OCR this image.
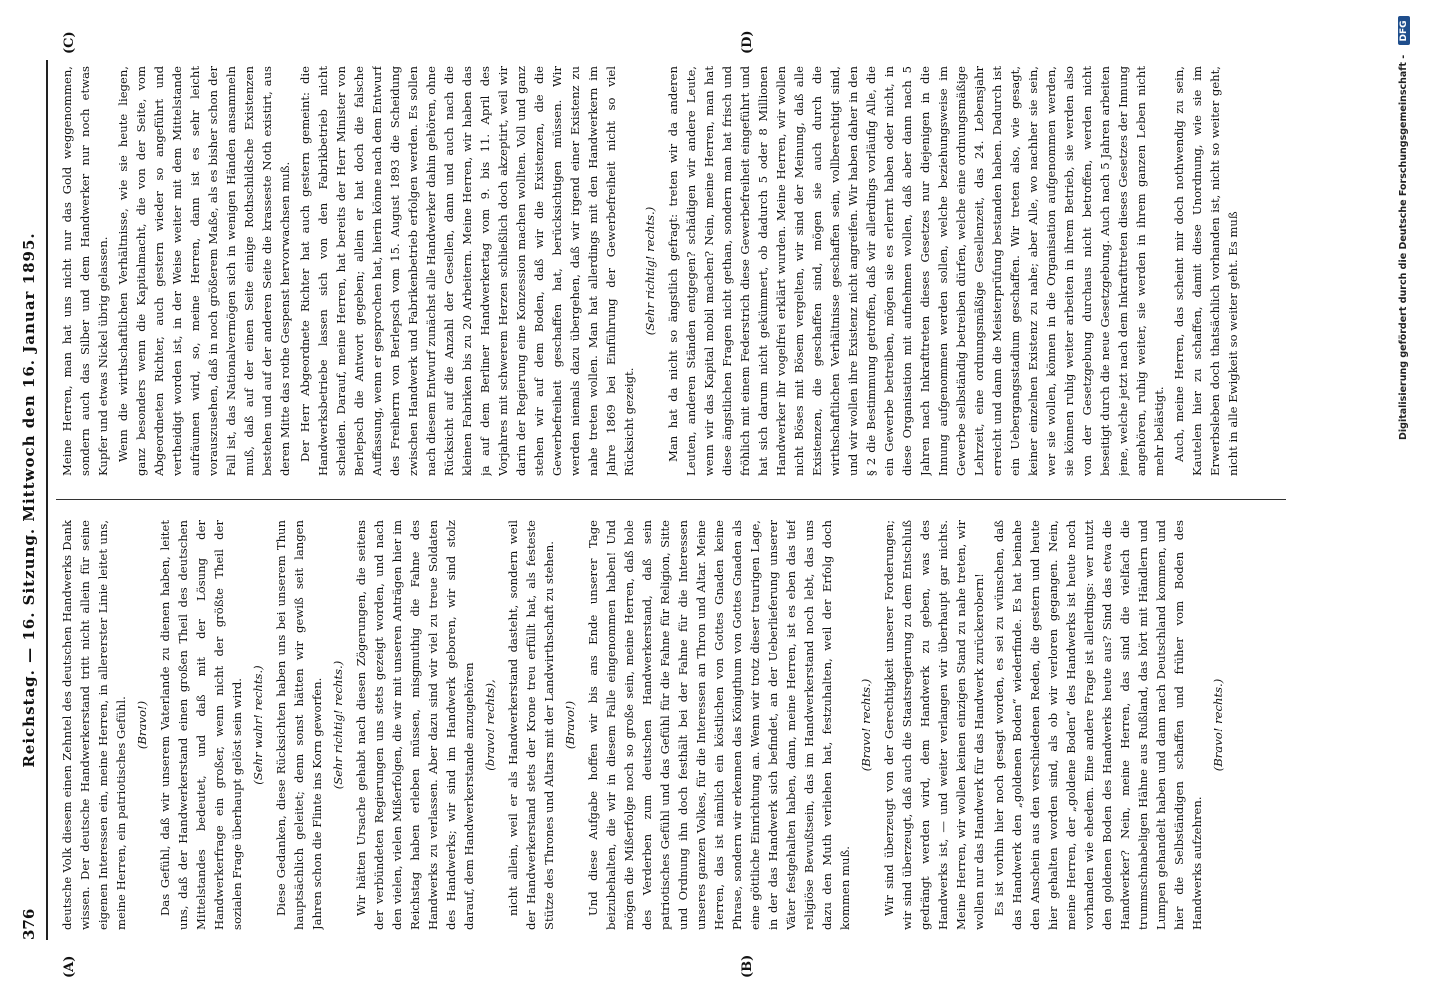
376
Reichstag. — 16. Sitzung. Mittwoch den 16. Januar 1895.
(A)	(B)
(C)	(D)

deutsche Volk diesem einen Zehntel des deutschen Handwerks Dank wissen. Der deutsche Handwerkerstand tritt nicht allein für seine eigenen Interessen ein, meine Herren, in allererster Linie leitet uns, meine Herren, ein patriotisches Gefühl. (Bravo!) Das Gefühl, daß wir unserem Vaterlande zu dienen haben, leitet uns, daß der Handwerkerstand einen großen Theil des deutschen Mittelstandes bedeutet, und daß mit der Lösung der Handwerkerfrage ein großer, wenn nicht der größte Theil der sozialen Frage überhaupt gelöst sein wird. (Sehr wahr! rechts.) Diese Gedanken, diese Rücksichten haben uns bei unserem Thun hauptsächlich geleitet; denn sonst hätten wir gewiß seit langen Jahren schon die Flinte ins Korn geworfen. (Sehr richtig! rechts.) Wir hätten Ursache gehabt nach diesen Zögerungen, die seitens der verbündeten Regierungen uns stets gezeigt worden, und nach den vielen, vielen Mißerfolgen, die wir mit unseren Anträgen hier im Reichstag haben erleben müssen, misgmuthig die Fahne des Handwerks zu verlassen. Aber dazu sind wir viel zu treue Soldaten des Handwerks; wir sind im Handwerk geboren, wir sind stolz darauf, dem Handwerkerstande anzugehören (bravo! rechts), nicht allein, weil er als Handwerkerstand dasteht, sondern weil der Handwerkerstand stets der Krone treu erfüllt hat, als festeste Stütze des Thrones und Altars mit der Landwirthschaft zu stehen. (Bravo!) Und diese Aufgabe hoffen wir bis ans Ende unserer Tage beizubehalten, die wir in diesem Falle eingenommen haben! Und mögen die Mißerfolge noch so große sein, meine Herren, daß hole des Verderben zum deutschen Handwerkerstand, daß sein patriotisches Gefühl und das Gefühl für die Fahne für Religion, Sitte und Ordnung ihn doch festhält bei der Fahne für die Interessen unseres ganzen Volkes, für die Interessen an Thron und Altar. Meine Herren, das ist nämlich ein köstlichen von Gottes Gnaden keine Phrase, sondern wir erkennen das Königthum von Gottes Gnaden als eine göttliche Einrichtung an. Wenn wir trotz dieser traurigen Lage, in der das Handwerk sich befindet, an der Ueberlieferung unserer Väter festgehalten haben, dann, meine Herren, ist es eben das tief religiöse Bewußtsein, das im Handwerkerstand noch lebt, das uns dazu den Muth verliehen hat, festzuhalten, weil der Erfolg doch kommen muß.

(Bravo! rechts.) Wir sind überzeugt von der Gerechtigkeit unserer Forderungen; wir sind überzeugt, daß auch die Staatsregierung zu dem Entschluß gedrängt werden wird, dem Handwerk zu geben, was des Handwerks ist, — und weiter verlangen wir überhaupt gar nichts. Meine Herren, wir wollen keinen einzigen Stand zu nahe treten, wir wollen nur das Handwerk für das Handwerk zurückerobern! Es ist vorhin hier noch gesagt worden, es sei zu wünschen, daß das Handwerk den „goldenen Boden“ wiederfinde. Es hat beinahe den Anschein aus den verschiedenen Reden, die gestern und heute hier gehalten worden sind, als ob wir verloren gegangen. Nein, meine Herren, der „goldene Boden“ des Handwerks ist heute noch vorhanden wie ehedem. Eine andere Frage ist allerdings: wer nutzt den goldenen Boden des Handwerks heute aus? Sind das etwa die Handwerker? Nein, meine Herren, das sind die vielfach die trummschnabeligen Hähne aus Rußland, das hört mit Händlern und Lumpen gehandelt haben und dann nach Deutschland kommen, und hier die Selbständigen schaffen und früher vom Boden des Handwerks aufzehren.

(Bravo! rechts.)

Meine Herren, man hat uns nicht nur das Gold weggenommen, sondern auch das Silber und dem Handwerker nur noch etwas Kupfer und etwas Nickel übrig gelassen. Wenn die wirthschaftlichen Verhältnisse, wie sie heute liegen, ganz besonders wenn die Kapitalmacht, die von der Seite, vom Abgeordneten Richter, auch gestern wieder so angeführt und vertheidigt worden ist, in der Weise weiter mit dem Mittelstande aufräumen wird, so, meine Herren, dann ist es sehr leicht vorauszusehen, daß in noch größerem Maße, als es bisher schon der Fall ist, das Nationalvermögen sich in wenigen Händen ansammeln muß, daß auf der einen Seite einige Rothschildsche Existenzen bestehen und auf der anderen Seite die krasseste Noth existirt, aus deren Mitte das rothe Gespenst hervorwachsen muß. Der Herr Abgeordnete Richter hat auch gestern gemeint: die Handwerksbetriebe lassen sich von den Fabrikbetrieb nicht scheiden. Darauf, meine Herren, hat bereits der Herr Minister von Berlepsch die Antwort gegeben; allein er hat doch die falsche Auffassung, wenn er gesprochen hat, hierin könne nach dem Entwurf des Freiherrn von Berlepsch vom 15. August 1893 die Scheidung zwischen Handwerk und Fabrikenbetrieb erfolgen werden. Es sollen nach diesem Entwurf zunächst alle Handwerker dahin gehören, ohne Rücksicht auf die Anzahl der Gesellen, dann und auch nach die kleinen Fabriken bis zu 20 Arbeitern. Meine Herren, wir haben das ja auf dem Berliner Handwerkertag vom 9. bis 11. April des Vorjahres mit schwerem Herzen schließlich doch akzeptirt, weil wir darin der Regierung eine Konzession machen wollten. Voll und ganz stehen wir auf dem Boden, daß wir die Existenzen, die die Gewerbefreiheit geschaffen hat, berücksichtigen müssen. Wir werden niemals dazu übergehen, daß wir irgend einer Existenz zu nahe treten wollen. Man hat allerdings mit den Handwerkern im Jahre 1869 bei Einführung der Gewerbefreiheit nicht so viel Rücksicht gezeigt.

(Sehr richtig! rechts.) Man hat da nicht so ängstlich gefragt: treten wir da anderen Leuten, anderen Ständen entgegen? schädigen wir andere Leute, wenn wir das Kapital mobil machen? Nein, meine Herren, man hat diese ängstlichen Fragen nicht gethan, sondern man hat frisch und fröhlich mit einem Federstrich diese Gewerbefreiheit eingeführt und hat sich darum nicht gekümmert, ob dadurch 5 oder 8 Millionen Handwerker ihr vogelfrei erklärt wurden. Meine Herren, wir wollen nicht Böses mit Bösem vergelten, wir sind der Meinung, daß alle Existenzen, die geschaffen sind, mögen sie auch durch die wirthschaftlichen Verhältnisse geschaffen sein, vollberechtigt sind, und wir wollen ihre Existenz nicht angreifen. Wir haben daher in den § 2 die Bestimmung getroffen, daß wir allerdings vorläufig Alle, die ein Gewerbe betreiben, mögen sie es erlernt haben oder nicht, in diese Organisation mit aufnehmen wollen, daß aber dann nach 5 Jahren nach Inkrafttreten dieses Gesetzes nur diejenigen in die Innung aufgenommen werden sollen, welche beziehungsweise im Gewerbe selbständig betreiben dürfen, welche eine ordnungsmäßige Lehrzeit, eine ordnungsmäßige Gesellenzeit, das 24. Lebensjahr erreicht und dann die Meisterprüfung bestanden haben. Dadurch ist ein Uebergangsstadium geschaffen. Wir treten also, wie gesagt, keiner einzelnen Existenz zu nahe; aber Alle, wo nachher sie sein, wer sie wollen, können in die Organisation aufgenommen werden, sie können ruhig weiter arbeiten in ihrem Betrieb, sie werden also von der Gesetzgebung durchaus nicht betroffen, werden nicht beseitigt durch die neue Gesetzgebung. Auch nach 5 Jahren arbeiten jene, welche jetzt nach dem Inkrafttreten dieses Gesetzes der Innung angehören, ruhig weiter, sie werden in ihrem ganzen Leben nicht mehr belästigt. Auch, meine Herren, das scheint mir doch nothwendig zu sein, Kautelen hier zu schaffen, damit diese Unordnung, wie sie im Erwerbsleben doch thatsächlich vorhanden ist, nicht so weiter geht, nicht in alle Ewigkeit so weiter geht. Es muß	Digitalisierung gefördert durch die Deutsche Forschungsgemeinschaft - DFG
